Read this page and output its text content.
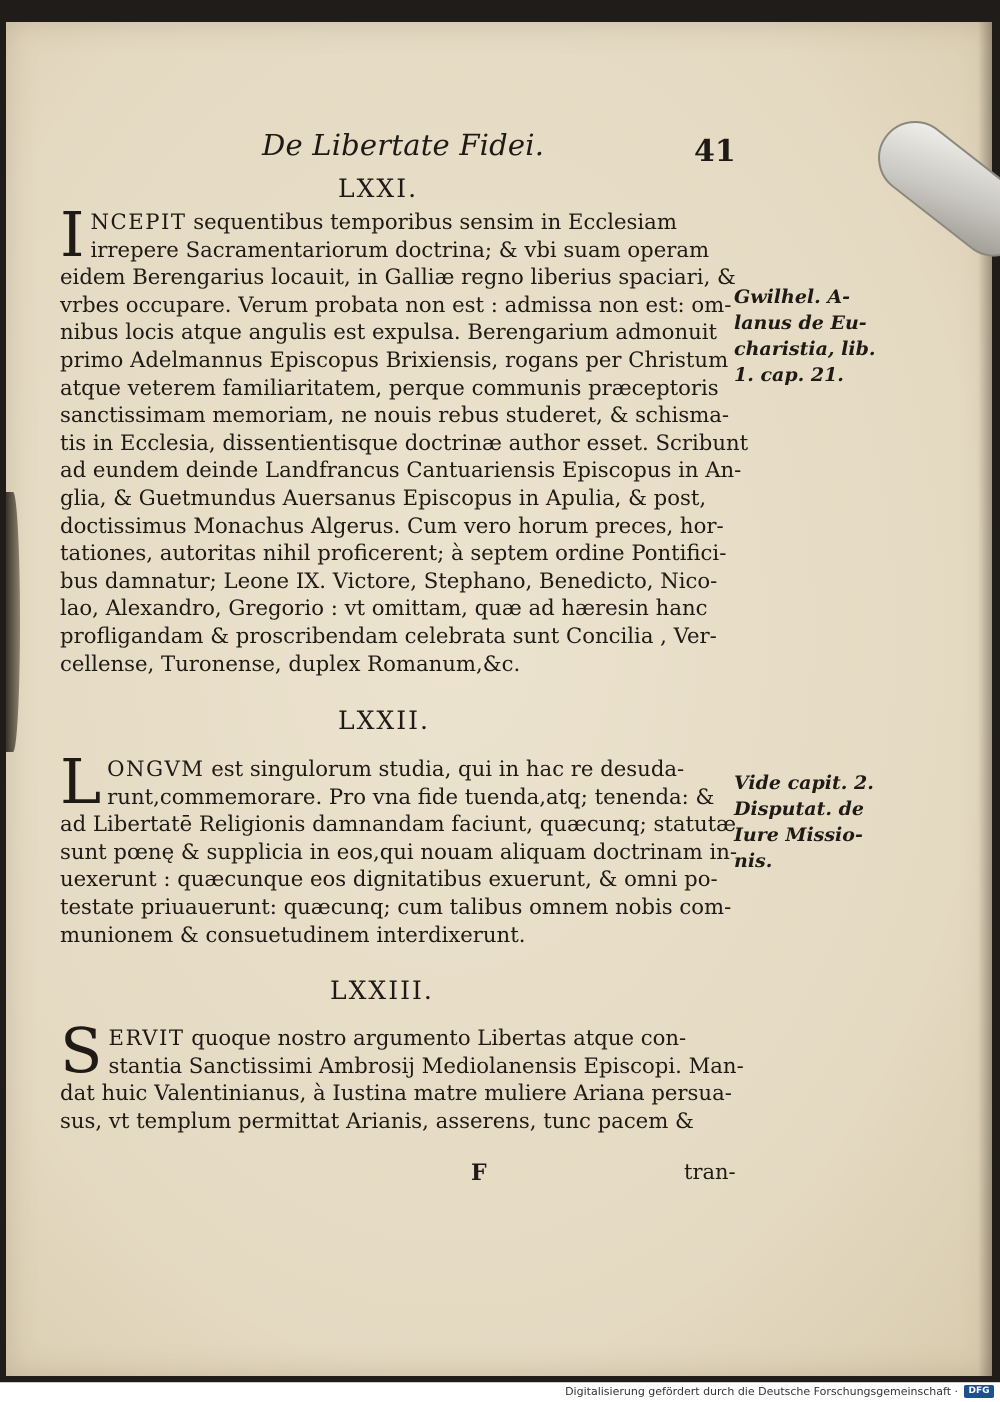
De Libertate Fidei.	41
LXXI.
I NCEPIT sequentibus temporibus sensim in Ecclesiam
irrepere Sacramentariorum doctrina; & vbi suam operam
eidem Berengarius locauit, in Galliæ regno liberius spaciari, &
vrbes occupare. Verum probata non est : admissa non est: om-
nibus locis atque angulis est expulsa. Berengarium admonuit
primo Adelmannus Episcopus Brixiensis, rogans per Christum
atque veterem familiaritatem, perque communis præceptoris
sanctissimam memoriam, ne nouis rebus studeret, & schisma-
tis in Ecclesia, dissentientisque doctrinæ author esset. Scribunt
ad eundem deinde Landfrancus Cantuariensis Episcopus in An-
glia, & Guetmundus Auersanus Episcopus in Apulia, & post,
doctissimus Monachus Algerus. Cum vero horum preces, hor-
tationes, autoritas nihil proficerent; à septem ordine Pontifici-
bus damnatur; Leone IX. Victore, Stephano, Benedicto, Nico-
lao, Alexandro, Gregorio : vt omittam, quæ ad hæresin hanc
profligandam & proscribendam celebrata sunt Concilia , Ver-
cellense, Turonense, duplex Romanum,&c.
Gwilhel. A-
lanus de Eu-
charistia, lib.
1. cap. 21.
LXXII.
L ONGVM est singulorum studia, qui in hac re desuda-
runt,commemorare. Pro vna fide tuenda,atq; tenenda: &
ad Libertatē Religionis damnandam faciunt, quæcunq; statutæ
sunt pœnę & supplicia in eos,qui nouam aliquam doctrinam in-
uexerunt : quæcunque eos dignitatibus exuerunt, & omni po-
testate priuauerunt: quæcunq; cum talibus omnem nobis com-
munionem & consuetudinem interdixerunt.
Vide capit. 2.
Disputat. de
Iure Missio-
nis.
LXXIII.
S ERVIT quoque nostro argumento Libertas atque con-
stantia Sanctissimi Ambrosij Mediolanensis Episcopi. Man-
dat huic Valentinianus, à Iustina matre muliere Ariana persua-
sus, vt templum permittat Arianis, asserens, tunc pacem &
F	tran-
Digitalisierung gefördert durch die Deutsche Forschungsgemeinschaft ·	DFG
